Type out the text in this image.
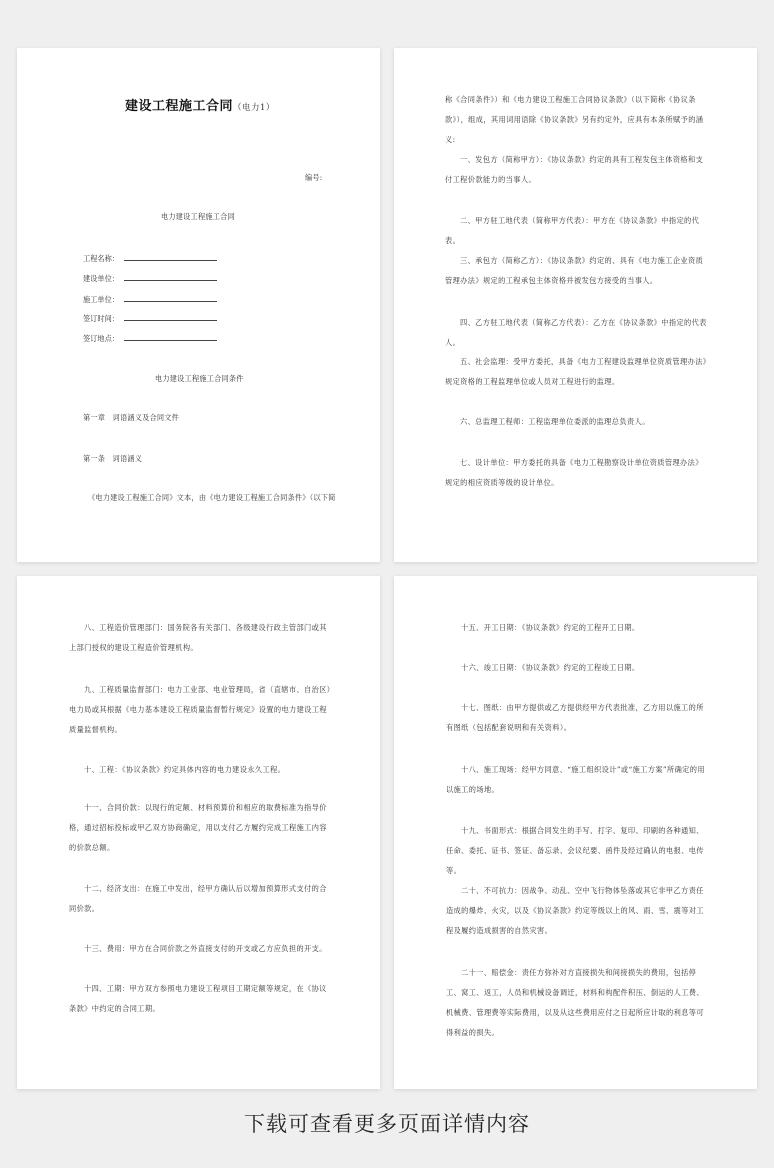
建设工程施工合同（电力1）
编号:
电力建设工程施工合同
工程名称：
建设单位：
施工单位：
签订时间：
签订地点：
电力建设工程施工合同条件
第一章　词语涵义及合同文件
第一条　词语涵义
《电力建设工程施工合同》文本，由《电力建设工程施工合同条件》（以下简
称《合同条件》）和《电力建设工程施工合同协议条款》（以下简称《协议条款》），组成，其用词用语除《协议条款》另有约定外，应具有本条所赋予的涵义:
一、发包方（简称甲方）：《协议条款》约定的具有工程发包主体资格和支付工程价款能力的当事人。
二、甲方驻工地代表（简称甲方代表）：甲方在《协议条款》中指定的代表。
三、承包方（简称乙方）：《协议条款》约定的、具有《电力施工企业资质管理办法》规定的工程承包主体资格并被发包方接受的当事人。
四、乙方驻工地代表（简称乙方代表）：乙方在《协议条款》中指定的代表人。
五、社会监理：受甲方委托，具备《电力工程建设监理单位资质管理办法》规定资格的工程监理单位或人员对工程进行的监理。
六、总监理工程师：工程监理单位委派的监理总负责人。
七、设计单位：甲方委托的具备《电力工程勘察设计单位资质管理办法》规定的相应资质等级的设计单位。
八、工程造价管理部门：国务院各有关部门、各级建设行政主管部门或其上部门授权的建设工程造价管理机构。
九、工程质量监督部门：电力工业部、电业管理局，省（直辖市、自治区）电力局或其根据《电力基本建设工程质量监督暂行规定》设置的电力建设工程质量监督机构。
十、工程：《协议条款》约定具体内容的电力建设永久工程。
十一、合同价款：以现行的定额、材料预算价和相应的取费标准为指导价格，通过招标投标或甲乙双方协商确定，用以支付乙方履约完成工程施工内容的价款总额。
十二、经济支出：在施工中发出，经甲方确认后以增加预算形式支付的合同价款。
十三、费用：甲方在合同价款之外直接支付的开支或乙方应负担的开支。
十四、工期：甲方双方参照电力建设工程项目工期定额等规定，在《协议条款》中约定的合同工期。
十五、开工日期：《协议条款》约定的工程开工日期。
十六、竣工日期：《协议条款》约定的工程竣工日期。
十七、图纸：由甲方提供或乙方提供经甲方代表批准，乙方用以施工的所有图纸（包括配套说明和有关资料）。
十八、施工现场：经甲方同意、“施工组织设计”或“施工方案”所确定的用以施工的场地。
十九、书面形式：根据合同发生的手写、打字、复印、印刷的各种通知、任命、委托、证书、签证、备忘录、会议纪要、函件及经过确认的电报、电传等。
二十、不可抗力：因战争、动乱、空中飞行物体坠落或其它非甲乙方责任造成的爆炸、火灾，以及《协议条款》约定等级以上的风、雨、雪、震等对工程及履约造成损害的自然灾害。
二十一、赔偿金：责任方弥补对方直接损失和间接损失的费用，包括停工、窝工、返工，人员和机械设备调迁，材料和构配件积压、倒运的人工费、机械费、管理费等实际费用，以及从这些费用应付之日起所应计取的利息等可得利益的损失。
下载可查看更多页面详情内容
